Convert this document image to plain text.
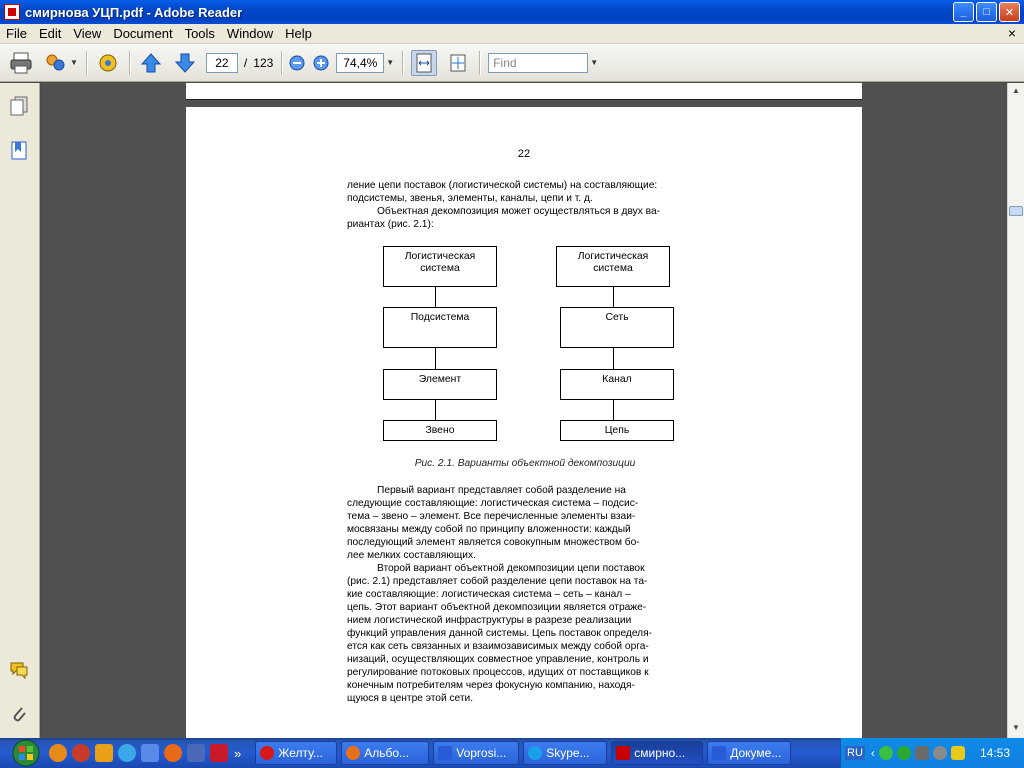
смирнова УЦП.pdf - Adobe Reader	_	□	✕
File Edit View Document Tools Window Help	×
▼	22	/ 123	74,4%	▼	Find	▼
22
ление цепи поставок (логистической системы) на составляющие:
подсистемы, звенья, элементы, каналы, цепи и т. д.
Объектная декомпозиция может осуществляться в двух ва-
риантах (рис. 2.1):
Логистическая система
Подсистема
Элемент
Звено
Логистическая система
Сеть
Канал
Цепь
Рис. 2.1. Варианты объектной декомпозиции
Первый вариант представляет собой разделение на
следующие составляющие: логистическая система – подсис-
тема – звено – элемент. Все перечисленные элементы взаи-
мосвязаны между собой по принципу вложенности: каждый
последующий элемент является совокупным множеством бо-
лее мелких составляющих.
Второй вариант объектной декомпозиции цепи поставок
(рис. 2.1) представляет собой разделение цепи поставок на та-
кие составляющие: логистическая система – сеть – канал –
цепь. Этот вариант объектной декомпозиции является отраже-
нием логистической инфраструктуры в разрезе реализации
функций управления данной системы. Цепь поставок определя-
ется как сеть связанных и взаимозависимых между собой орга-
низаций, осуществляющих совместное управление, контроль и
регулирование потоковых процессов, идущих от поставщиков к
конечным потребителям через фокусную компанию, находя-
щуюся в центре этой сети.
▲
▼
»	Желту...	Альбо...	Voprosi...	Skype...	смирно...	Докуме...	RU ‹	14:53
